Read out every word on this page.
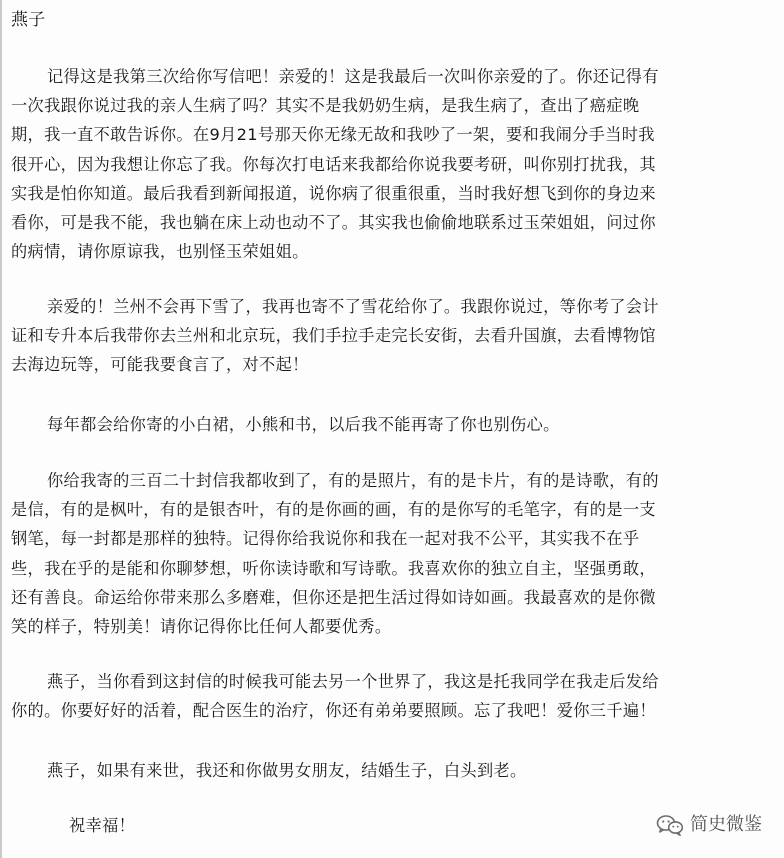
燕子
记得这是我第三次给你写信吧！亲爱的！这是我最后一次叫你亲爱的了。你还记得有
一次我跟你说过我的亲人生病了吗？其实不是我奶奶生病，是我生病了，查出了癌症晚
期，我一直不敢告诉你。在9月21号那天你无缘无故和我吵了一架，要和我闹分手当时我
很开心，因为我想让你忘了我。你每次打电话来我都给你说我要考研，叫你别打扰我，其
实我是怕你知道。最后我看到新闻报道，说你病了很重很重，当时我好想飞到你的身边来
看你，可是我不能，我也躺在床上动也动不了。其实我也偷偷地联系过玉荣姐姐，问过你
的病情，请你原谅我，也别怪玉荣姐姐。
亲爱的！兰州不会再下雪了，我再也寄不了雪花给你了。我跟你说过，等你考了会计
证和专升本后我带你去兰州和北京玩，我们手拉手走完长安街，去看升国旗，去看博物馆
去海边玩等，可能我要食言了，对不起！
每年都会给你寄的小白裙，小熊和书，以后我不能再寄了你也别伤心。
你给我寄的三百二十封信我都收到了，有的是照片，有的是卡片，有的是诗歌，有的
是信，有的是枫叶，有的是银杏叶，有的是你画的画，有的是你写的毛笔字，有的是一支
钢笔，每一封都是那样的独特。记得你给我说你和我在一起对我不公平，其实我不在乎
些，我在乎的是能和你聊梦想，听你读诗歌和写诗歌。我喜欢你的独立自主，坚强勇敢，
还有善良。命运给你带来那么多磨难，但你还是把生活过得如诗如画。我最喜欢的是你微
笑的样子，特别美！请你记得你比任何人都要优秀。
燕子，当你看到这封信的时候我可能去另一个世界了，我这是托我同学在我走后发给
你的。你要好好的活着，配合医生的治疗，你还有弟弟要照顾。忘了我吧！爱你三千遍！
燕子，如果有来世，我还和你做男女朋友，结婚生子，白头到老。
祝幸福！	简史微鉴
